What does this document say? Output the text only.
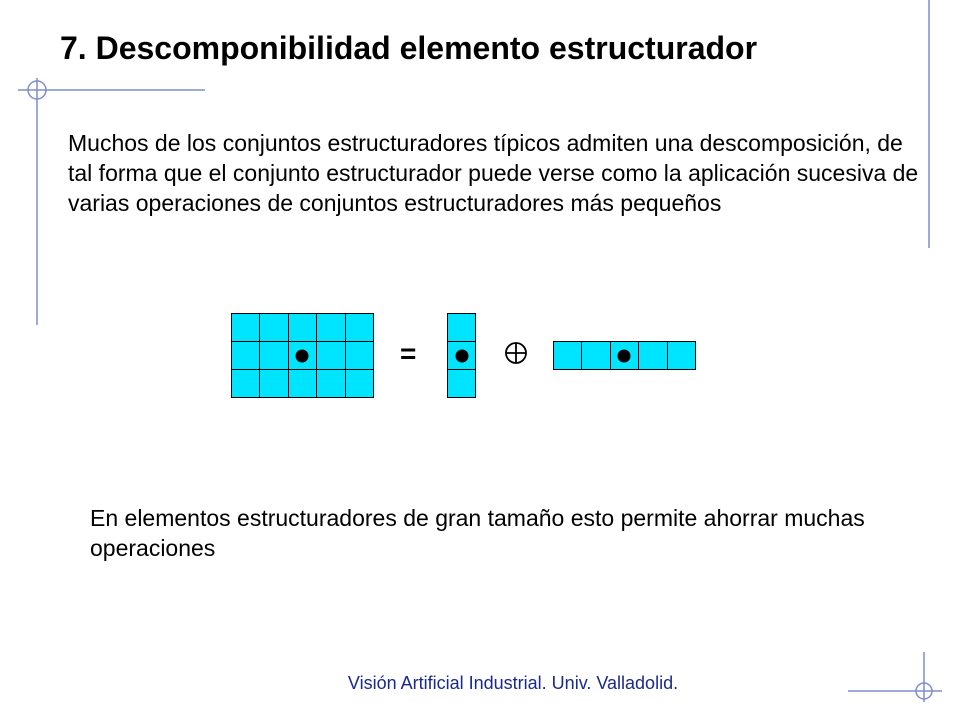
7. Descomponibilidad elemento estructurador

Muchos de los conjuntos estructuradores típicos admiten una descomposición, de tal forma que el conjunto estructurador puede verse como la aplicación sucesiva de varias operaciones de conjuntos estructuradores más pequeños

=

En elementos estructuradores de gran tamaño esto permite ahorrar muchas operaciones

Visión Artificial Industrial. Univ. Valladolid.
